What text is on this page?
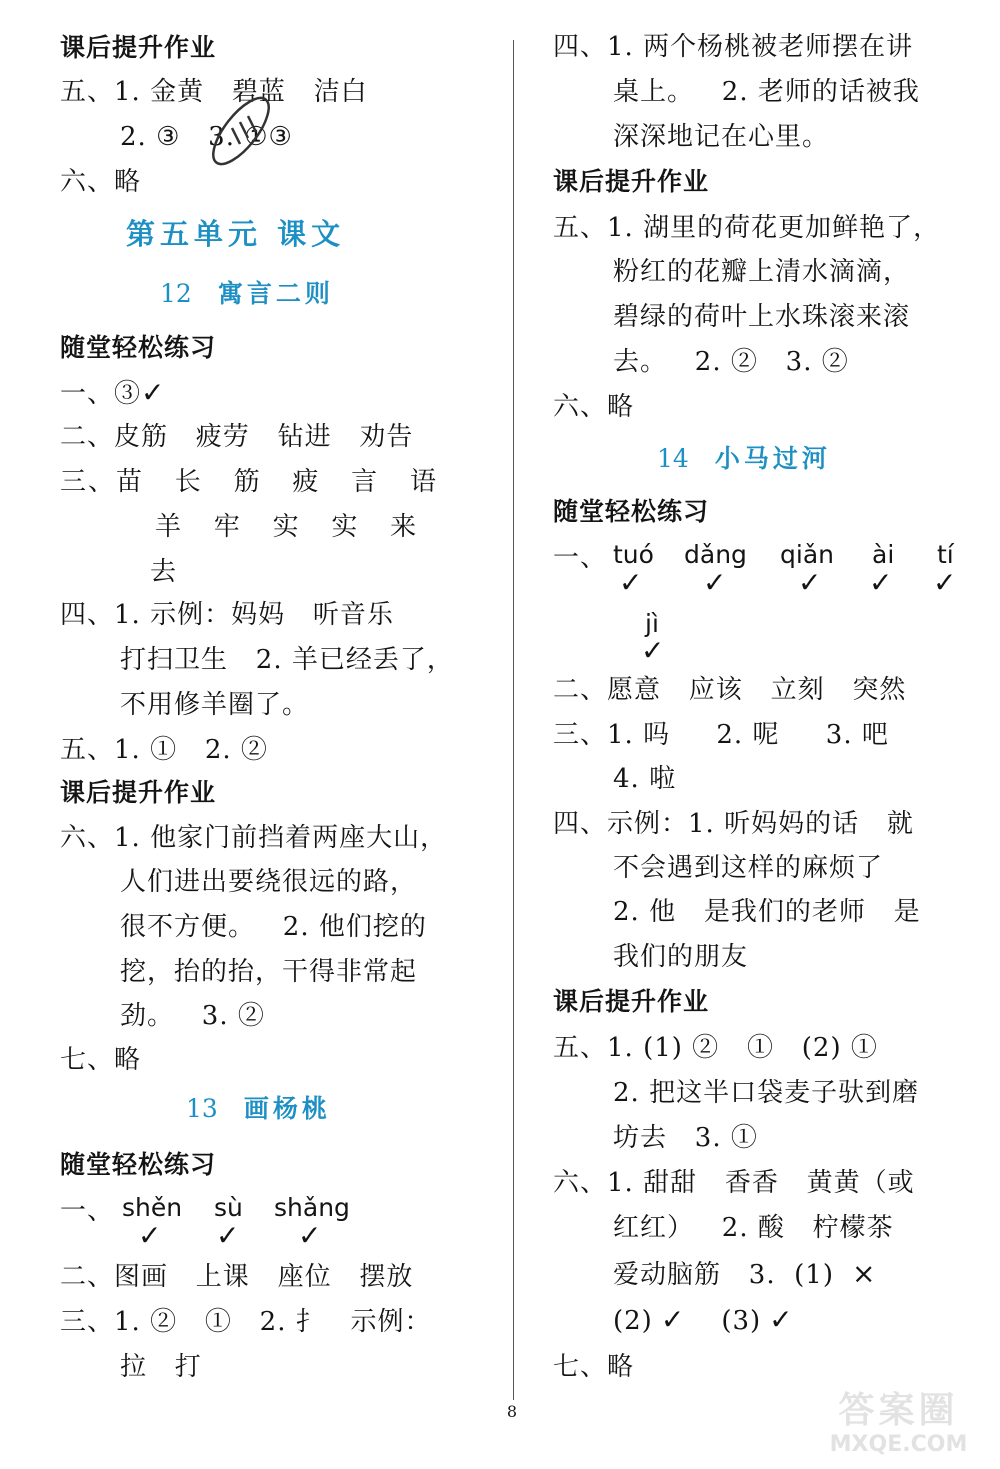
课后提升作业
五、1. 金黄   碧蓝   洁白
2. ③   3. ①③
六、略
第五单元 课文
12 寓言二则
随堂轻松练习
一、③✓
二、皮筋   疲劳   钻进   劝告
三、苗   长   筋   疲   言   语
羊   牢   实   实   来
去
四、1. 示例：妈妈   听音乐
打扫卫生   2. 羊已经丢了，
不用修羊圈了。
五、1. ①   2. ②
课后提升作业
六、1. 他家门前挡着两座大山，
人们进出要绕很远的路，
很不方便。   2. 他们挖的
挖，抬的抬，干得非常起
劲。   3. ②
七、略
13 画杨桃
随堂轻松练习
一、 shěn sù shǎng
✓ ✓ ✓
二、图画   上课   座位   摆放
三、1. ②   ①   2. 扌   示例：
拉   打
四、1. 两个杨桃被老师摆在讲
桌上。   2. 老师的话被我
深深地记在心里。
课后提升作业
五、1. 湖里的荷花更加鲜艳了，
粉红的花瓣上清水滴滴，
碧绿的荷叶上水珠滚来滚
去。   2. ②   3. ②
六、略
14 小马过河
随堂轻松练习
一、 tuó dǎng qiǎn ài tí
✓ ✓	✓ ✓ ✓
jì
✓
二、愿意   应该   立刻   突然
三、1. 吗     2. 呢     3. 吧
4. 啦
四、示例：1. 听妈妈的话   就
不会遇到这样的麻烦了
2. 他   是我们的老师   是
我们的朋友
课后提升作业
五、1. (1) ②   ①   (2) ①
2. 把这半口袋麦子驮到磨
坊去   3. ①
六、1. 甜甜   香香   黄黄（或
红红）   2. 酸   柠檬茶
爱动脑筋   3.  (1) ×
(2) ✓ (3) ✓
七、略
8	答案圈
MXQE.COM
